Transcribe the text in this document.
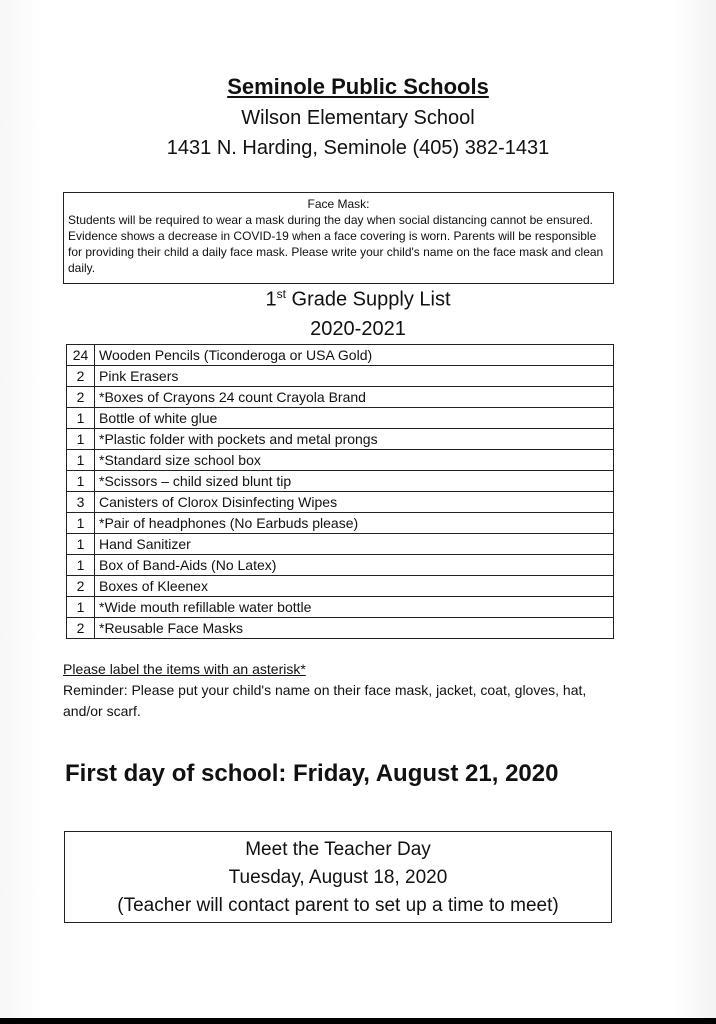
Seminole Public Schools
Wilson Elementary School
1431 N. Harding, Seminole (405) 382-1431
Face Mask:
Students will be required to wear a mask during the day when social distancing cannot be ensured. Evidence shows a decrease in COVID-19 when a face covering is worn. Parents will be responsible for providing their child a daily face mask. Please write your child's name on the face mask and clean daily.
1st Grade Supply List
2020-2021
24	Wooden Pencils (Ticonderoga or USA Gold)
2	Pink Erasers
2	*Boxes of Crayons 24 count Crayola Brand
1	Bottle of white glue
1	*Plastic folder with pockets and metal prongs
1	*Standard size school box
1	*Scissors – child sized blunt tip
3	Canisters of Clorox Disinfecting Wipes
1	*Pair of headphones (No Earbuds please)
1	Hand Sanitizer
1	Box of Band-Aids (No Latex)
2	Boxes of Kleenex
1	*Wide mouth refillable water bottle
2	*Reusable Face Masks
Please label the items with an asterisk*
Reminder: Please put your child's name on their face mask, jacket, coat, gloves, hat, and/or scarf.
First day of school: Friday, August 21, 2020
Meet the Teacher Day
Tuesday, August 18, 2020
(Teacher will contact parent to set up a time to meet)
